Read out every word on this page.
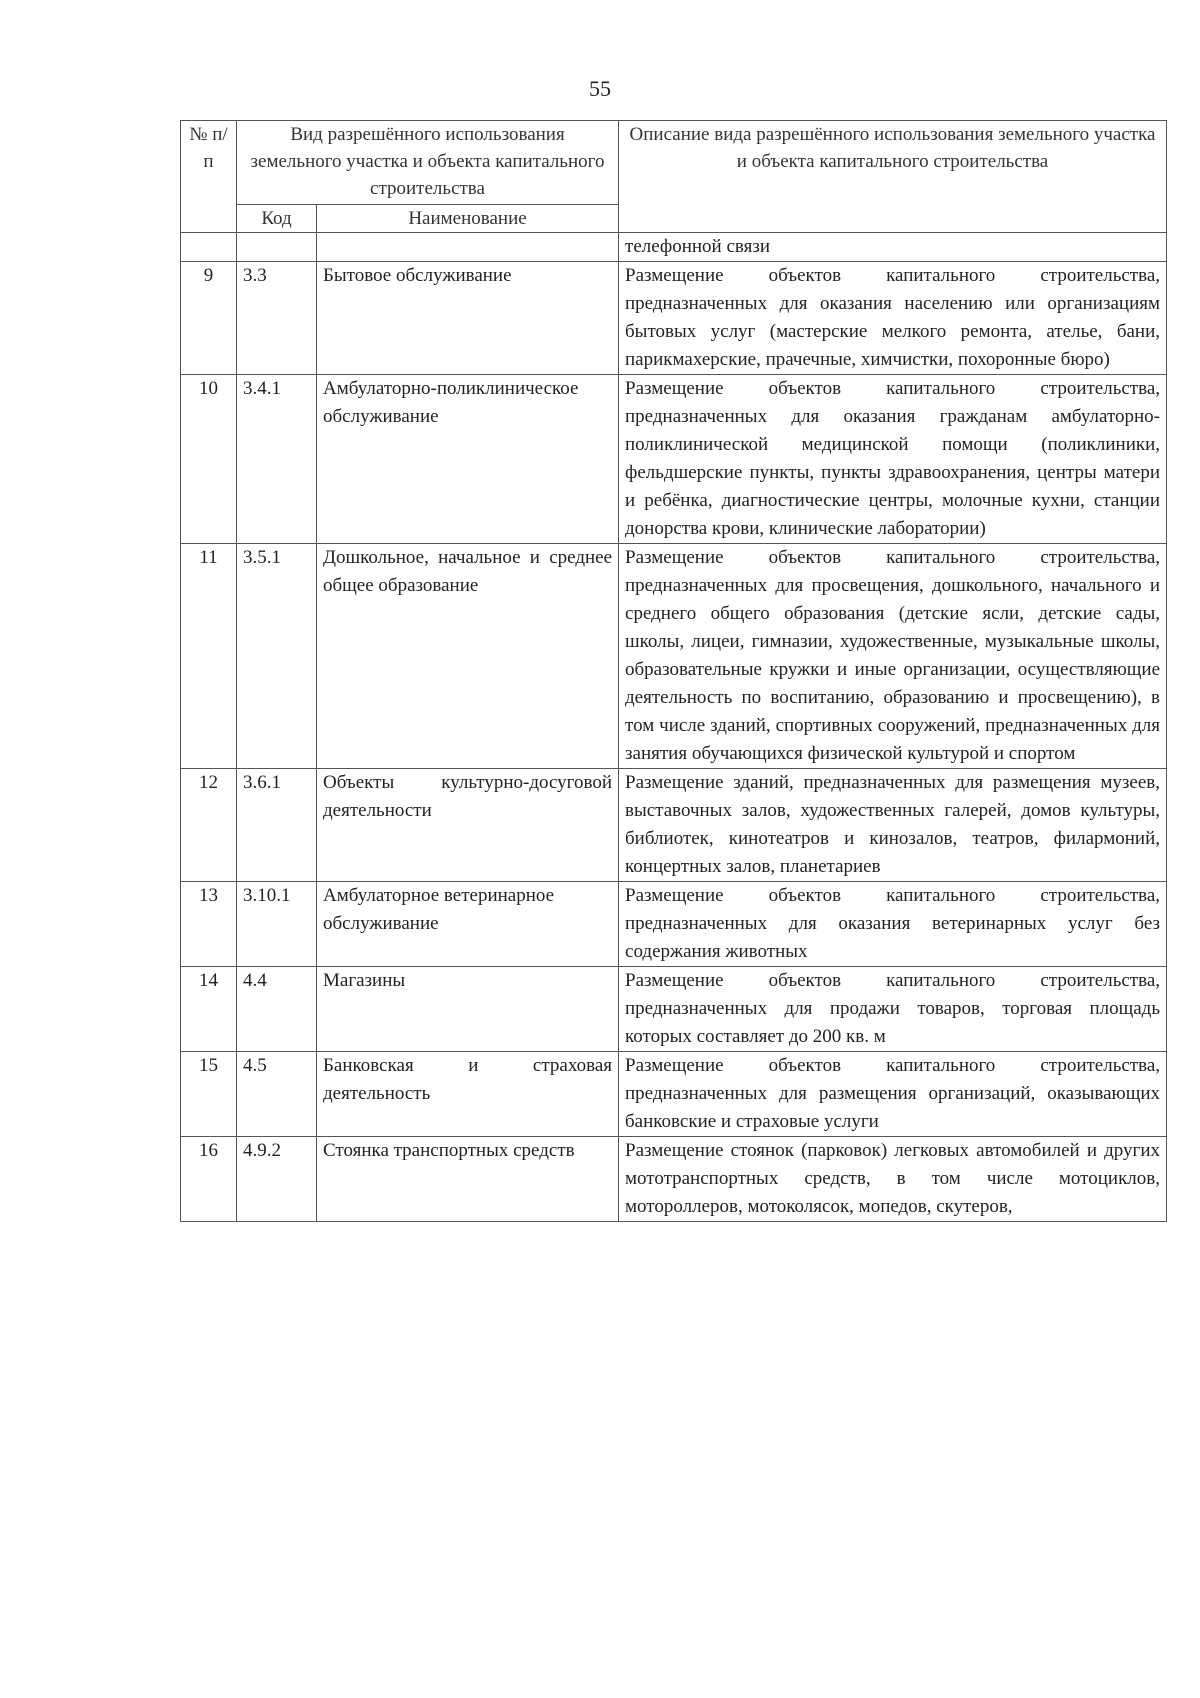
55
№ п/п	Вид разрешённого использования земельного участка и объекта капитального строительства		Описание вида разрешённого использования земельного участка и объекта капитального строительства
	Код	Наименование	
			телефонной связи
9	3.3	Бытовое обслуживание	Размещение объектов капитального строительства, предназначенных для оказания населению или организациям бытовых услуг (мастерские мелкого ремонта, ателье, бани, парикмахерские, прачечные, химчистки, похоронные бюро)
10	3.4.1	Амбулаторно-поликлиническое обслуживание	Размещение объектов капитального строительства, предназначенных для оказания гражданам амбулаторно-поликлинической медицинской помощи (поликлиники, фельдшерские пункты, пункты здравоохранения, центры матери и ребёнка, диагностические центры, молочные кухни, станции донорства крови, клинические лаборатории)
11	3.5.1	Дошкольное, начальное и среднее общее образование	Размещение объектов капитального строительства, предназначенных для просвещения, дошкольного, начального и среднего общего образования (детские ясли, детские сады, школы, лицеи, гимназии, художественные, музыкальные школы, образовательные кружки и иные организации, осуществляющие деятельность по воспитанию, образованию и просвещению), в том числе зданий, спортивных сооружений, предназначенных для занятия обучающихся физической культурой и спортом
12	3.6.1	Объекты культурно-досуговой деятельности	Размещение зданий, предназначенных для размещения музеев, выставочных залов, художественных галерей, домов культуры, библиотек, кинотеатров и кинозалов, театров, филармоний, концертных залов, планетариев
13	3.10.1	Амбулаторное ветеринарное обслуживание	Размещение объектов капитального строительства, предназначенных для оказания ветеринарных услуг без содержания животных
14	4.4	Магазины	Размещение объектов капитального строительства, предназначенных для продажи товаров, торговая площадь которых составляет до 200 кв. м
15	4.5	Банковская и страховая деятельность	Размещение объектов капитального строительства, предназначенных для размещения организаций, оказывающих банковские и страховые услуги
16	4.9.2	Стоянка транспортных средств	Размещение стоянок (парковок) легковых автомобилей и других мототранспортных средств, в том числе мотоциклов, мотороллеров, мотоколясок, мопедов, скутеров,
